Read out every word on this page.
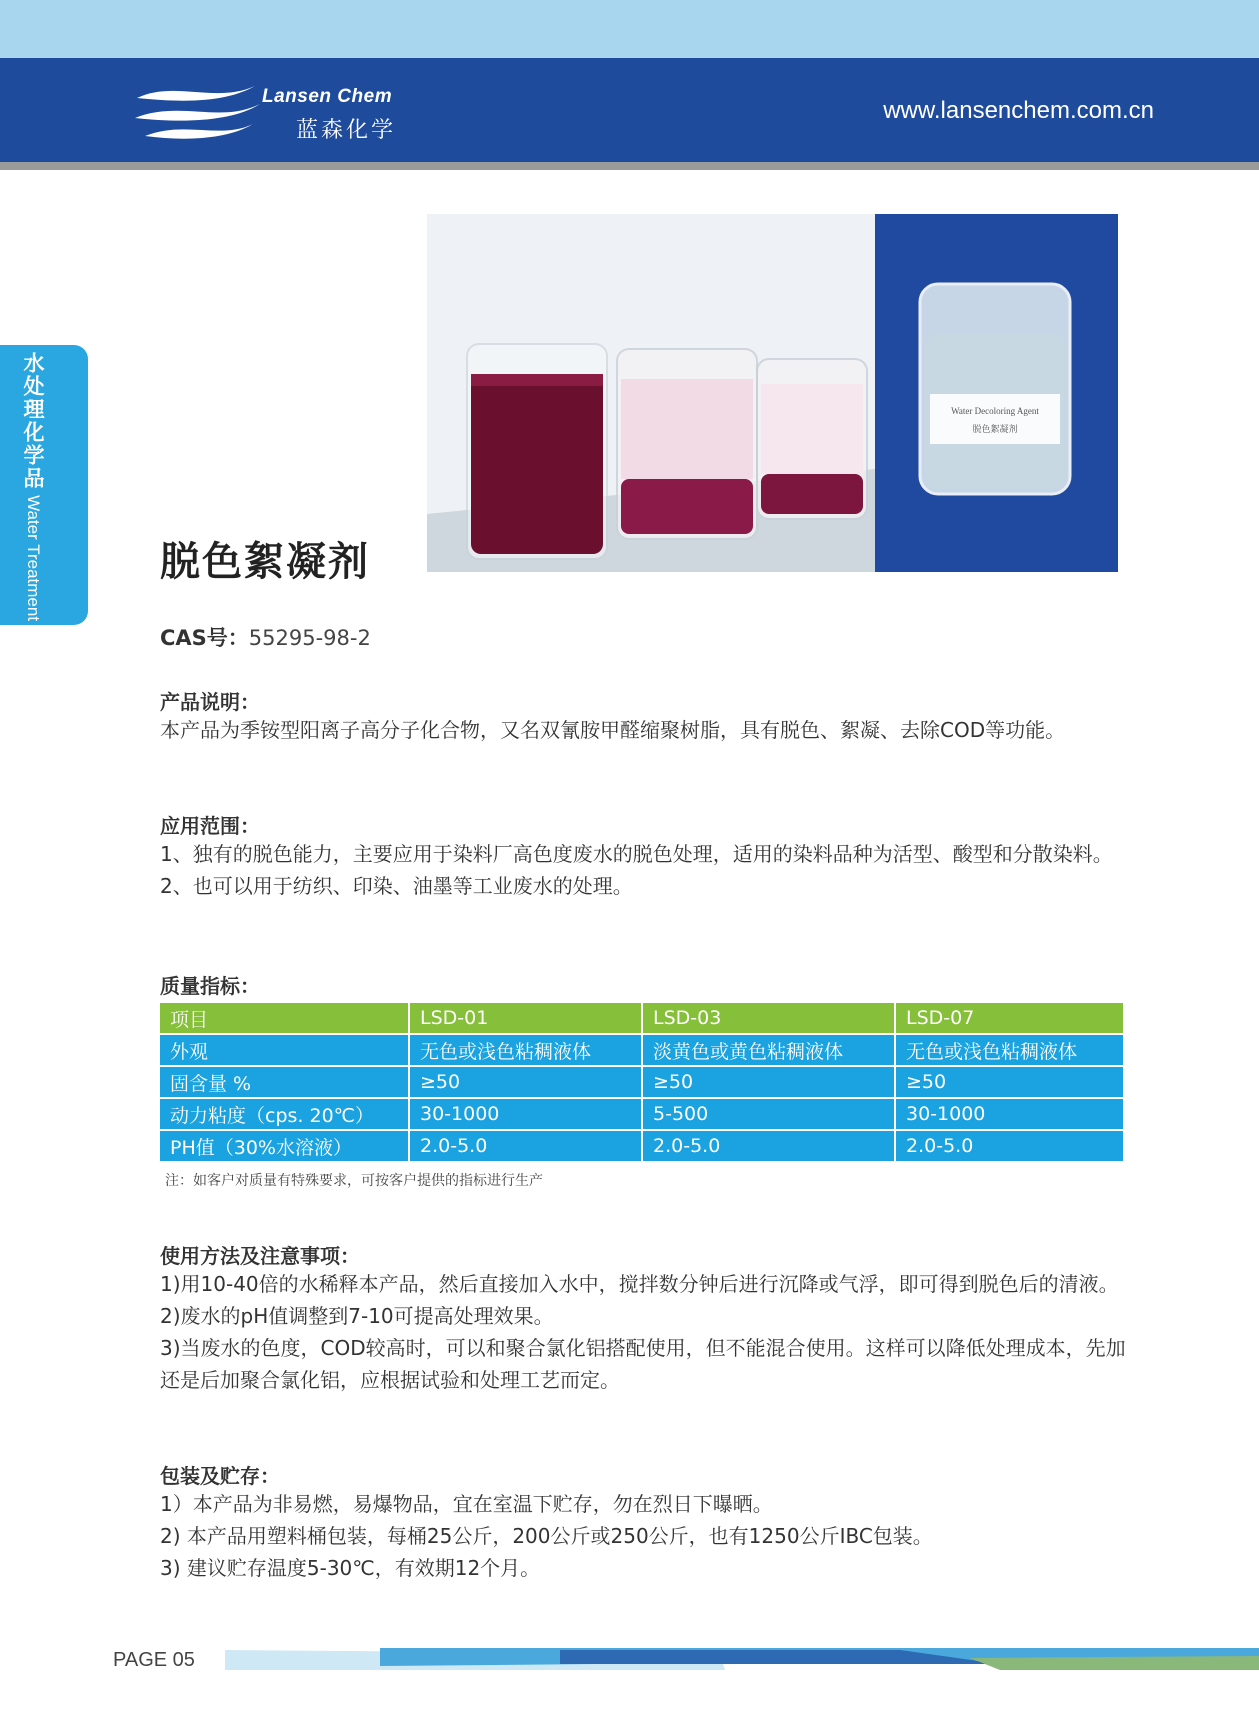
Lansen Chem
蓝森化学
www.lansenchem.com.cn
水处理化学品 Water Treatment Chemicals
Water Decoloring Agent
脱色絮凝剂
脱色絮凝剂
CAS号：55295-98-2
产品说明：

本产品为季铵型阳离子高分子化合物，又名双氰胺甲醛缩聚树脂，具有脱色、絮凝、去除COD等功能。

应用范围：

1、独有的脱色能力，主要应用于染料厂高色度废水的脱色处理，适用的染料品种为活型、酸型和分散染料。

2、也可以用于纺织、印染、油墨等工业废水的处理。

质量指标：
项目	LSD-01	LSD-03	LSD-07
外观	无色或浅色粘稠液体	淡黄色或黄色粘稠液体	无色或浅色粘稠液体
固含量 %	≥50	≥50	≥50
动力粘度（cps. 20℃）	30-1000	5-500	30-1000
PH值（30%水溶液）	2.0-5.0	2.0-5.0	2.0-5.0
注：如客户对质量有特殊要求，可按客户提供的指标进行生产
使用方法及注意事项：

1)用10-40倍的水稀释本产品，然后直接加入水中，搅拌数分钟后进行沉降或气浮，即可得到脱色后的清液。

2)废水的pH值调整到7-10可提高处理效果。

3)当废水的色度，COD较高时，可以和聚合氯化铝搭配使用，但不能混合使用。这样可以降低处理成本，先加还是后加聚合氯化铝，应根据试验和处理工艺而定。

包装及贮存：

1）本产品为非易燃，易爆物品，宜在室温下贮存，勿在烈日下曝晒。

2) 本产品用塑料桶包装，每桶25公斤，200公斤或250公斤，也有1250公斤IBC包装。

3) 建议贮存温度5-30℃，有效期12个月。

PAGE 05
